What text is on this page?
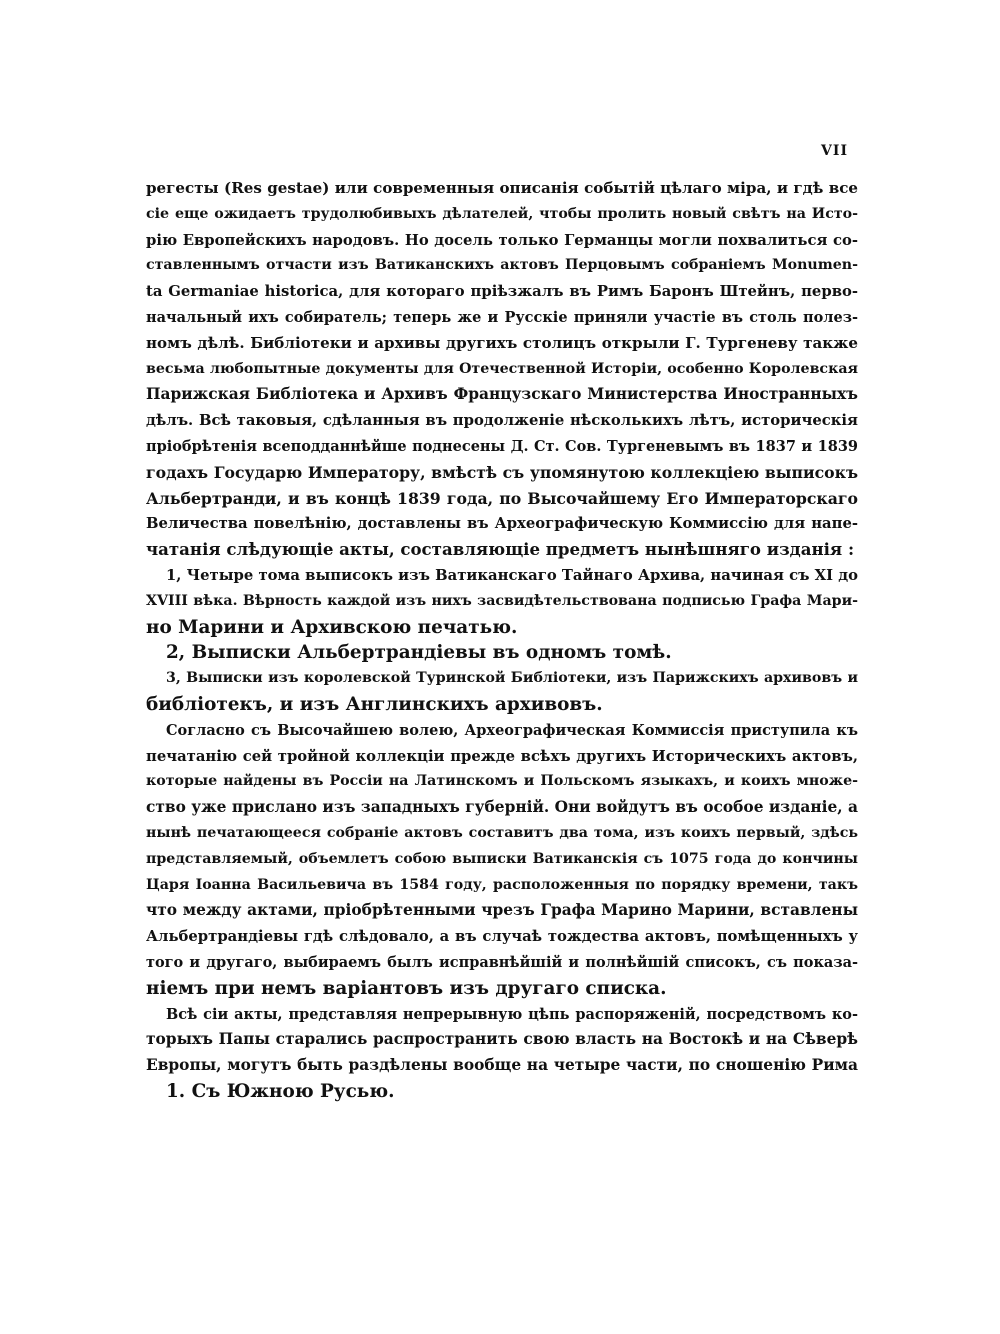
VII
регесты (Res gestae) или современныя описанія событій цѣлаго міра, и гдѣ все
сіе еще ожидаетъ трудолюбивыхъ дѣлателей, чтобы пролить новый свѣтъ на Исто-
рію Европейскихъ народовъ. Но досель только Германцы могли похвалиться со-
ставленнымъ отчасти изъ Ватиканскихъ актовъ Перцовымъ собраніемъ Monumen-
ta Germaniae historica, для котораго пріѣзжалъ въ Римъ Баронъ Штейнъ, перво-
начальный ихъ собиратель; теперь же и Русскіе приняли участіе въ столь полез-
номъ дѣлѣ. Библіотеки и архивы другихъ столицъ открыли Г. Тургеневу также
весьма любопытные документы для Отечественной Исторіи, особенно Королевская
Парижская Библіотека и Архивъ Французскаго Министерства Иностранныхъ
дѣлъ. Всѣ таковыя, сдѣланныя въ продолженіе нѣсколькихъ лѣтъ, историческія
пріобрѣтенія всеподданнѣйше поднесены Д. Ст. Сов. Тургеневымъ въ 1837 и 1839
годахъ Государю Императору, вмѣстѣ съ упомянутою коллекціею выписокъ
Альбертранди, и въ концѣ 1839 года, по Высочайшему Его Императорскаго
Величества повелѣнію, доставлены въ Археографическую Коммиссію для напе-
чатанія слѣдующіе акты, составляющіе предметъ нынѣшняго изданія :
1, Четыре тома выписокъ изъ Ватиканскаго Тайнаго Архива, начиная съ XI до
XVIII вѣка. Вѣрность каждой изъ нихъ засвидѣтельствована подписью Графа Мари-
но Марини и Архивскою печатью.
2, Выписки Альбертрандіевы въ одномъ томѣ.
3, Выписки изъ королевской Туринской Библіотеки, изъ Парижскихъ архивовъ и
библіотекъ, и изъ Англинскихъ архивовъ.
Согласно съ Высочайшею волею, Археографическая Коммиссія приступила къ
печатанію сей тройной коллекціи прежде всѣхъ другихъ Историческихъ актовъ,
которые найдены въ Россіи на Латинскомъ и Польскомъ языкахъ, и коихъ множе-
ство уже прислано изъ западныхъ губерній. Они войдутъ въ особое изданіе, а
нынѣ печатающееся собраніе актовъ составитъ два тома, изъ коихъ первый, здѣсь
представляемый, объемлетъ собою выписки Ватиканскія съ 1075 года до кончины
Царя Іоанна Васильевича въ 1584 году, расположенныя по порядку времени, такъ
что между актами, пріобрѣтенными чрезъ Графа Марино Марини, вставлены
Альбертрандіевы гдѣ слѣдовало, а въ случаѣ тождества актовъ, помѣщенныхъ у
того и другаго, выбираемъ былъ исправнѣйшій и полнѣйшій списокъ, съ показа-
ніемъ при немъ варіантовъ изъ другаго списка.
Всѣ сіи акты, представляя непрерывную цѣпь распоряженій, посредствомъ ко-
торыхъ Папы старались распространить свою власть на Востокѣ и на Сѣверѣ
Европы, могутъ быть раздѣлены вообще на четыре части, по сношенію Рима
1. Съ Южною Русью.
